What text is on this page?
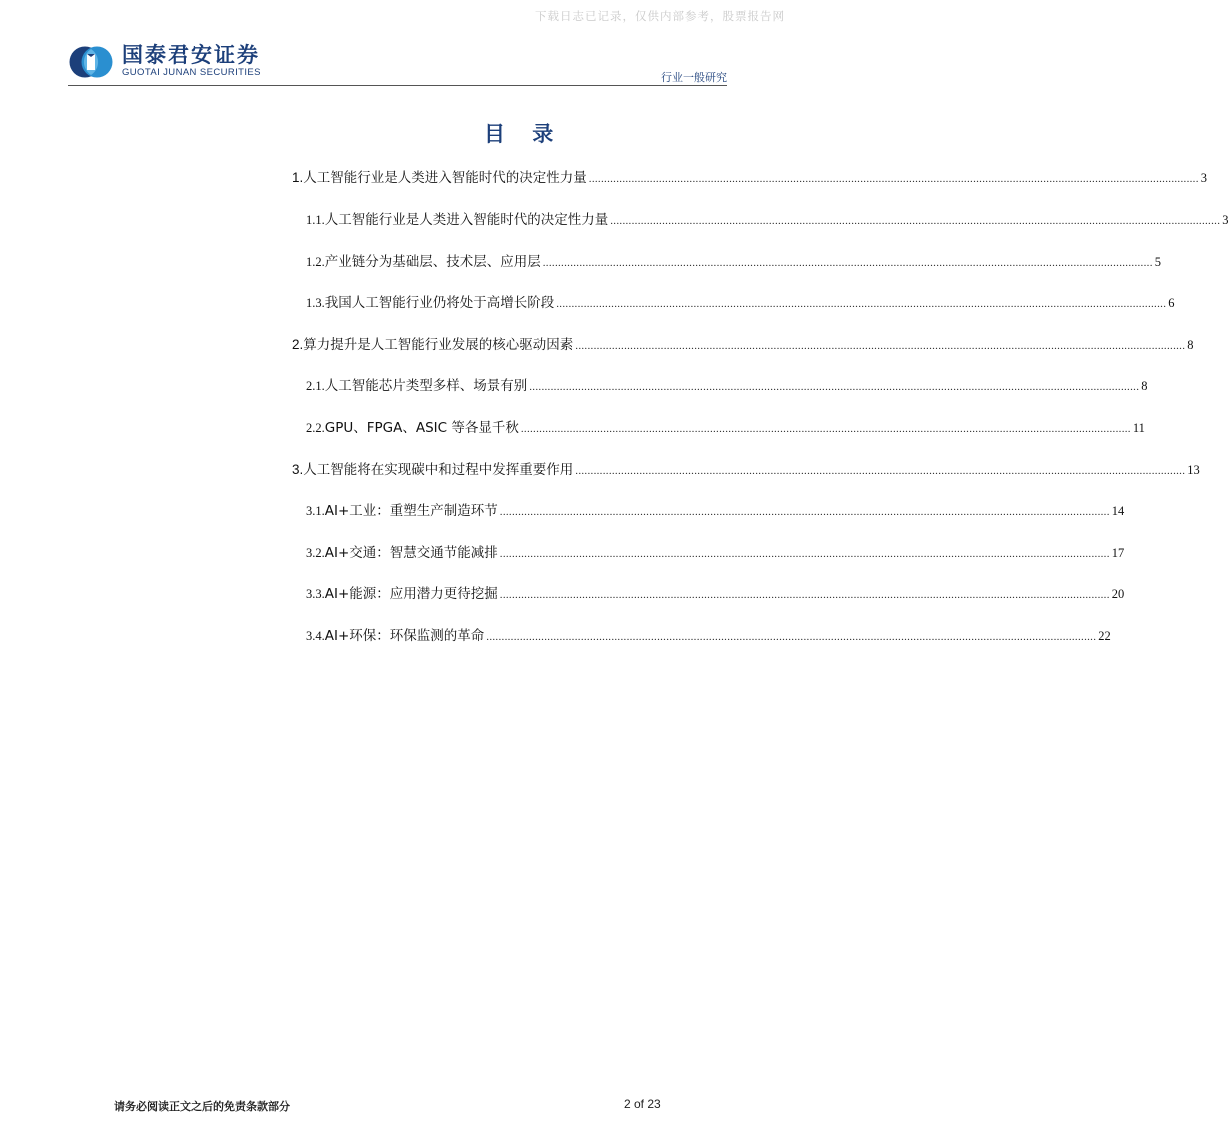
下载日志已记录，仅供内部参考，股票报告网
国泰君安证券
GUOTAI JUNAN SECURITIES	行业一般研究
目 录
1. 人工智能行业是人类进入智能时代的决定性力量 ........................................................................................................................................................................................................ 3
1.1. 人工智能行业是人类进入智能时代的决定性力量 ........................................................................................................................................................................................................ 3
1.2. 产业链分为基础层、技术层、应用层 ........................................................................................................................................................................................................ 5
1.3. 我国人工智能行业仍将处于高增长阶段 ........................................................................................................................................................................................................ 6
2. 算力提升是人工智能行业发展的核心驱动因素 ........................................................................................................................................................................................................ 8
2.1. 人工智能芯片类型多样、场景有别 ........................................................................................................................................................................................................ 8
2.2. GPU、FPGA、ASIC 等各显千秋 ........................................................................................................................................................................................................ 11
3. 人工智能将在实现碳中和过程中发挥重要作用 ........................................................................................................................................................................................................ 13
3.1. AI+工业：重塑生产制造环节 ........................................................................................................................................................................................................ 14
3.2. AI+交通：智慧交通节能减排 ........................................................................................................................................................................................................ 17
3.3. AI+能源：应用潜力更待挖掘 ........................................................................................................................................................................................................ 20
3.4. AI+环保：环保监测的革命 ........................................................................................................................................................................................................ 22
请务必阅读正文之后的免责条款部分	2 of 23
